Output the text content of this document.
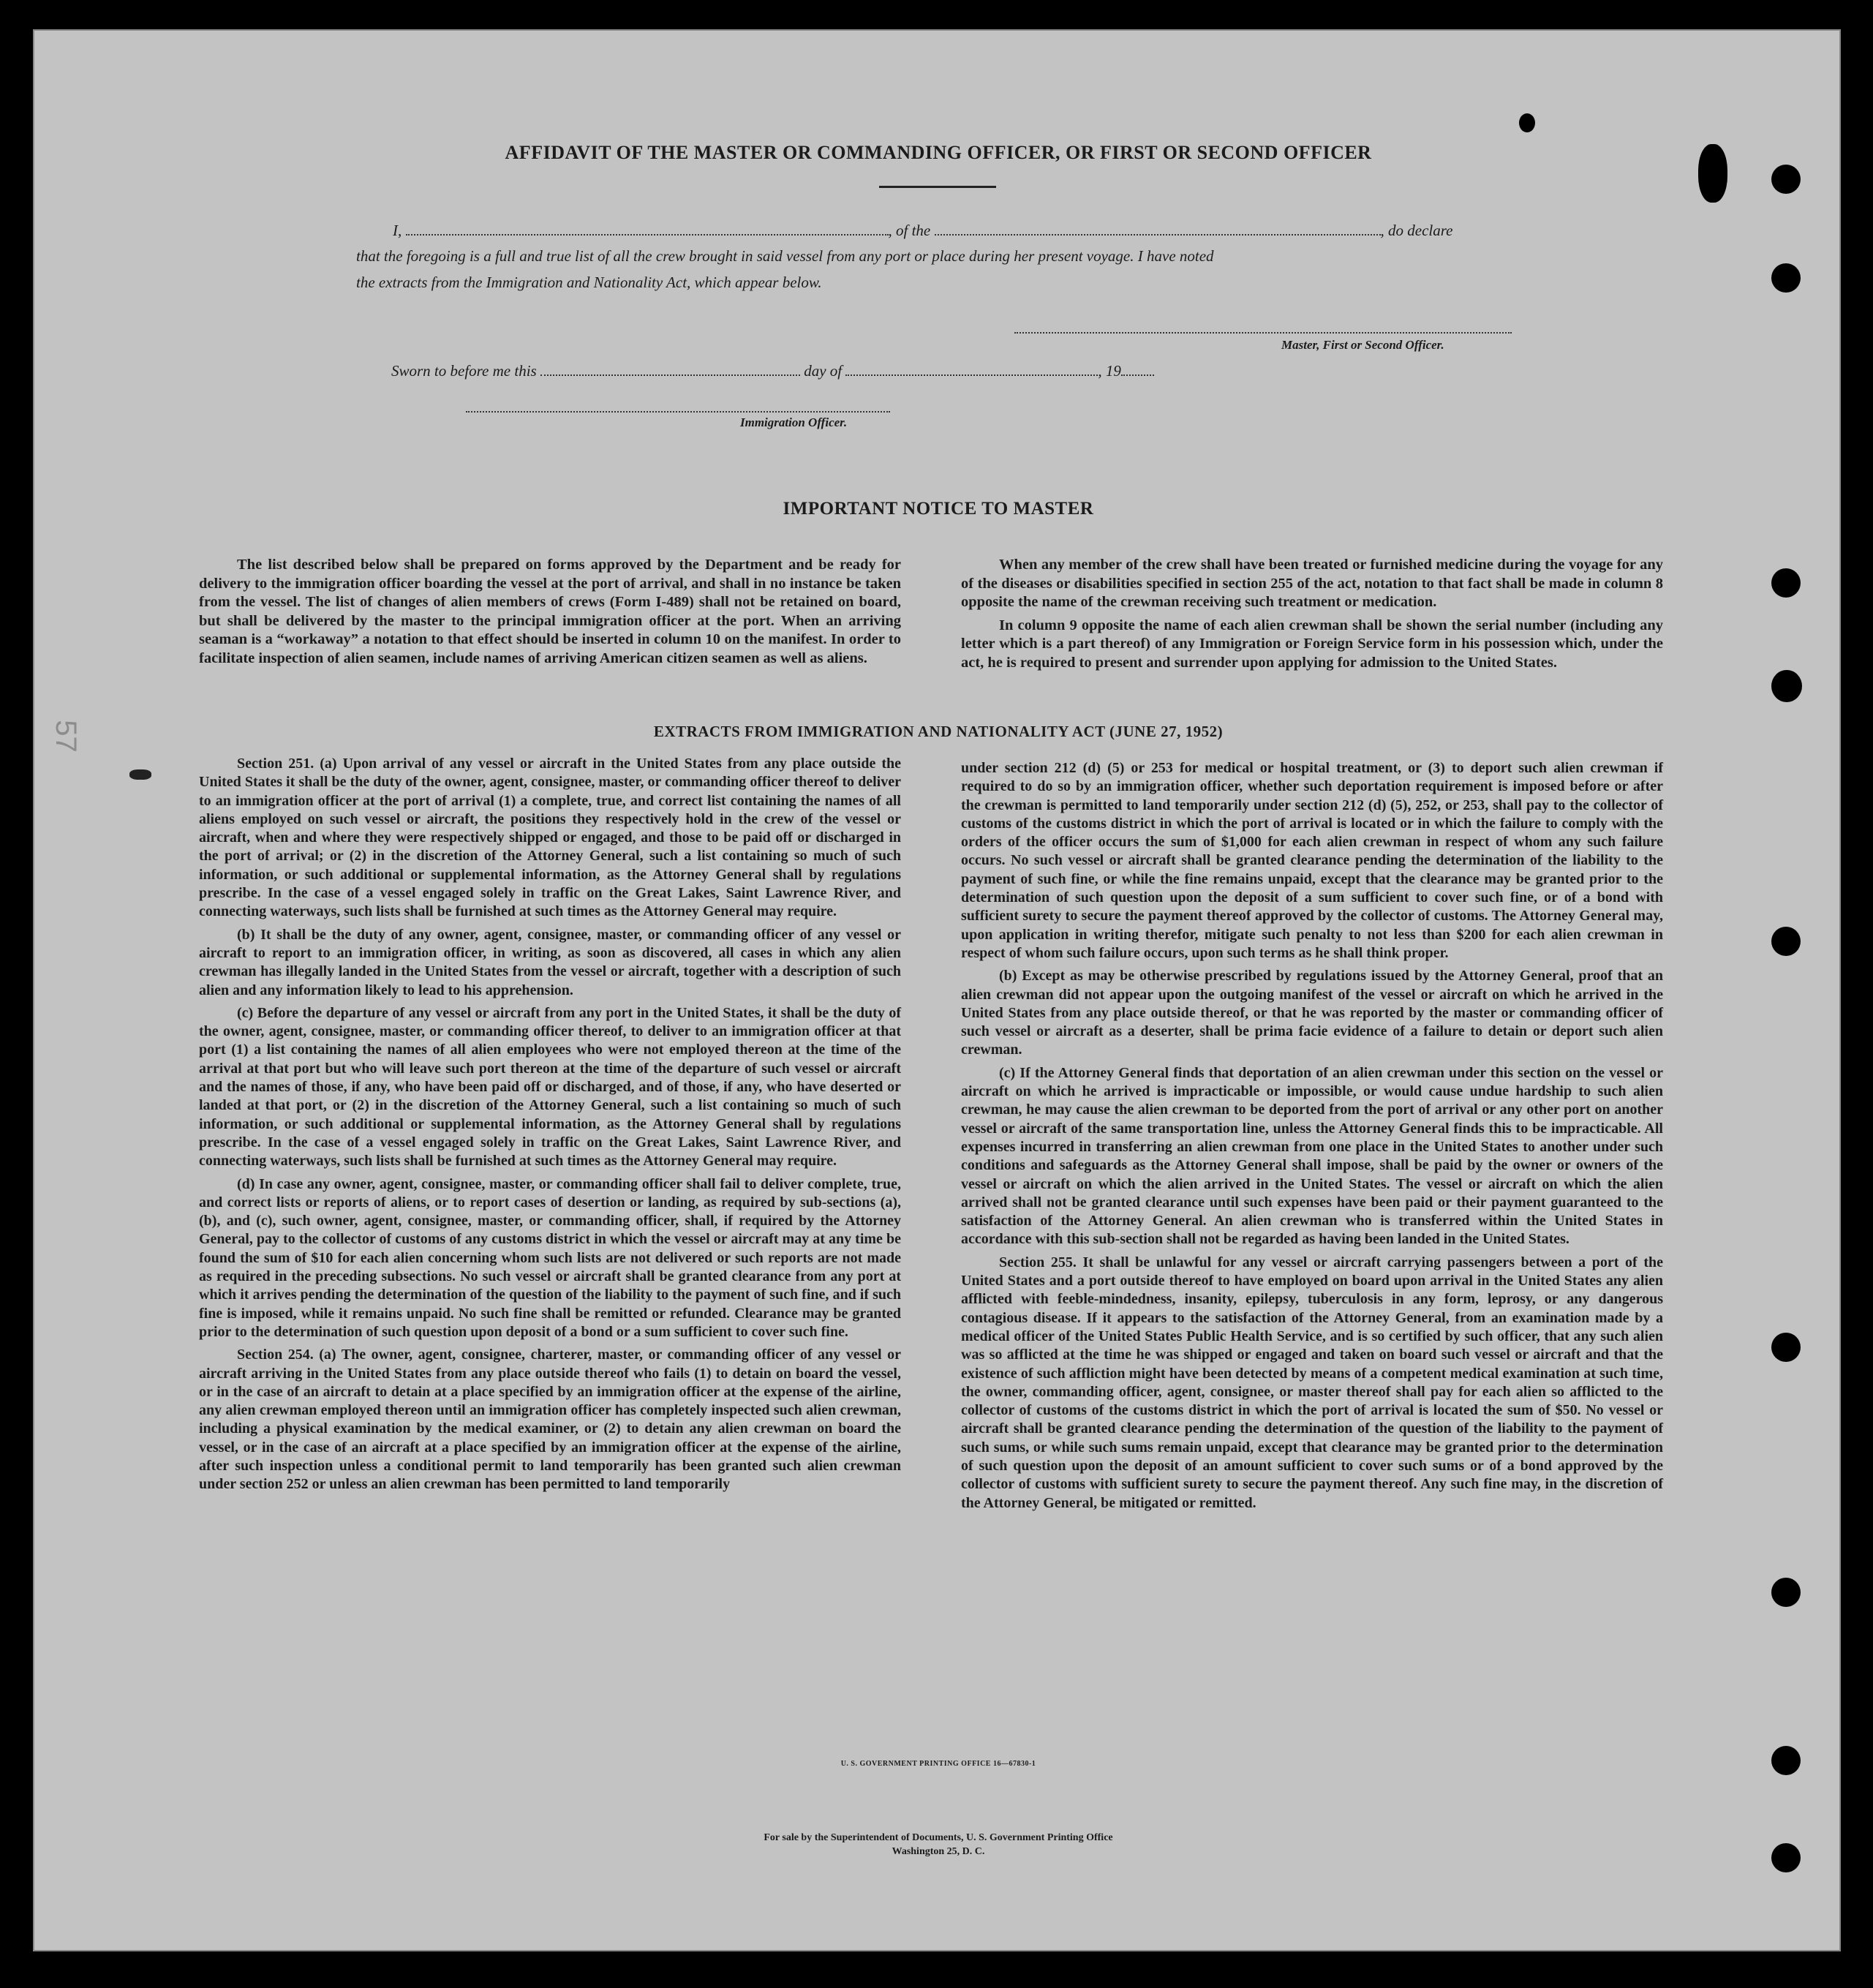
AFFIDAVIT OF THE MASTER OR COMMANDING OFFICER, OR FIRST OR SECOND OFFICER
I,	, of the	, do declare
that the foregoing is a full and true list of all the crew brought in said vessel from any port or place during her present voyage. I have noted
the extracts from the Immigration and Nationality Act, which appear below.
Master, First or Second Officer.
Sworn to before me this	day of	, 19
Immigration Officer.
IMPORTANT NOTICE TO MASTER

The list described below shall be prepared on forms approved by the Department and be ready for delivery to the immigration officer boarding the vessel at the port of arrival, and shall in no instance be taken from the vessel. The list of changes of alien members of crews (Form I-489) shall not be retained on board, but shall be delivered by the master to the principal immigration officer at the port. When an arriving seaman is a “workaway” a notation to that effect should be inserted in column 10 on the manifest. In order to facilitate inspection of alien seamen, include names of arriving American citizen seamen as well as aliens.

When any member of the crew shall have been treated or furnished medicine during the voyage for any of the diseases or disabilities specified in section 255 of the act, notation to that fact shall be made in column 8 opposite the name of the crewman receiving such treatment or medication.

In column 9 opposite the name of each alien crewman shall be shown the serial number (including any letter which is a part thereof) of any Immigration or Foreign Service form in his possession which, under the act, he is required to present and surrender upon applying for admission to the United States.

EXTRACTS FROM IMMIGRATION AND NATIONALITY ACT (JUNE 27, 1952)

Section 251. (a) Upon arrival of any vessel or aircraft in the United States from any place outside the United States it shall be the duty of the owner, agent, consignee, master, or commanding officer thereof to deliver to an immigration officer at the port of arrival (1) a complete, true, and correct list containing the names of all aliens employed on such vessel or aircraft, the positions they respectively hold in the crew of the vessel or aircraft, when and where they were respectively shipped or engaged, and those to be paid off or discharged in the port of arrival; or (2) in the discretion of the Attorney General, such a list containing so much of such information, or such additional or supplemental information, as the Attorney General shall by regulations prescribe. In the case of a vessel engaged solely in traffic on the Great Lakes, Saint Lawrence River, and connecting waterways, such lists shall be furnished at such times as the Attorney General may require.

(b) It shall be the duty of any owner, agent, consignee, master, or commanding officer of any vessel or aircraft to report to an immigration officer, in writing, as soon as discovered, all cases in which any alien crewman has illegally landed in the United States from the vessel or aircraft, together with a description of such alien and any information likely to lead to his apprehension.

(c) Before the departure of any vessel or aircraft from any port in the United States, it shall be the duty of the owner, agent, consignee, master, or commanding officer thereof, to deliver to an immigration officer at that port (1) a list containing the names of all alien employees who were not employed thereon at the time of the arrival at that port but who will leave such port thereon at the time of the departure of such vessel or aircraft and the names of those, if any, who have been paid off or discharged, and of those, if any, who have deserted or landed at that port, or (2) in the discretion of the Attorney General, such a list containing so much of such information, or such additional or supplemental information, as the Attorney General shall by regulations prescribe. In the case of a vessel engaged solely in traffic on the Great Lakes, Saint Lawrence River, and connecting waterways, such lists shall be furnished at such times as the Attorney General may require.

(d) In case any owner, agent, consignee, master, or commanding officer shall fail to deliver complete, true, and correct lists or reports of aliens, or to report cases of desertion or landing, as required by sub-sections (a), (b), and (c), such owner, agent, consignee, master, or commanding officer, shall, if required by the Attorney General, pay to the collector of customs of any customs district in which the vessel or aircraft may at any time be found the sum of $10 for each alien concerning whom such lists are not delivered or such reports are not made as required in the preceding subsections. No such vessel or aircraft shall be granted clearance from any port at which it arrives pending the determination of the question of the liability to the payment of such fine, and if such fine is imposed, while it remains unpaid. No such fine shall be remitted or refunded. Clearance may be granted prior to the determination of such question upon deposit of a bond or a sum sufficient to cover such fine.

Section 254. (a) The owner, agent, consignee, charterer, master, or commanding officer of any vessel or aircraft arriving in the United States from any place outside thereof who fails (1) to detain on board the vessel, or in the case of an aircraft to detain at a place specified by an immigration officer at the expense of the airline, any alien crewman employed thereon until an immigration officer has completely inspected such alien crewman, including a physical examination by the medical examiner, or (2) to detain any alien crewman on board the vessel, or in the case of an aircraft at a place specified by an immigration officer at the expense of the airline, after such inspection unless a conditional permit to land temporarily has been granted such alien crewman under section 252 or unless an alien crewman has been permitted to land temporarily

under section 212 (d) (5) or 253 for medical or hospital treatment, or (3) to deport such alien crewman if required to do so by an immigration officer, whether such deportation requirement is imposed before or after the crewman is permitted to land temporarily under section 212 (d) (5), 252, or 253, shall pay to the collector of customs of the customs district in which the port of arrival is located or in which the failure to comply with the orders of the officer occurs the sum of $1,000 for each alien crewman in respect of whom any such failure occurs. No such vessel or aircraft shall be granted clearance pending the determination of the liability to the payment of such fine, or while the fine remains unpaid, except that the clearance may be granted prior to the determination of such question upon the deposit of a sum sufficient to cover such fine, or of a bond with sufficient surety to secure the payment thereof approved by the collector of customs. The Attorney General may, upon application in writing therefor, mitigate such penalty to not less than $200 for each alien crewman in respect of whom such failure occurs, upon such terms as he shall think proper.

(b) Except as may be otherwise prescribed by regulations issued by the Attorney General, proof that an alien crewman did not appear upon the outgoing manifest of the vessel or aircraft on which he arrived in the United States from any place outside thereof, or that he was reported by the master or commanding officer of such vessel or aircraft as a deserter, shall be prima facie evidence of a failure to detain or deport such alien crewman.

(c) If the Attorney General finds that deportation of an alien crewman under this section on the vessel or aircraft on which he arrived is impracticable or impossible, or would cause undue hardship to such alien crewman, he may cause the alien crewman to be deported from the port of arrival or any other port on another vessel or aircraft of the same transportation line, unless the Attorney General finds this to be impracticable. All expenses incurred in transferring an alien crewman from one place in the United States to another under such conditions and safeguards as the Attorney General shall impose, shall be paid by the owner or owners of the vessel or aircraft on which the alien arrived in the United States. The vessel or aircraft on which the alien arrived shall not be granted clearance until such expenses have been paid or their payment guaranteed to the satisfaction of the Attorney General. An alien crewman who is transferred within the United States in accordance with this sub-section shall not be regarded as having been landed in the United States.

Section 255. It shall be unlawful for any vessel or aircraft carrying passengers between a port of the United States and a port outside thereof to have employed on board upon arrival in the United States any alien afflicted with feeble-mindedness, insanity, epilepsy, tuberculosis in any form, leprosy, or any dangerous contagious disease. If it appears to the satisfaction of the Attorney General, from an examination made by a medical officer of the United States Public Health Service, and is so certified by such officer, that any such alien was so afflicted at the time he was shipped or engaged and taken on board such vessel or aircraft and that the existence of such affliction might have been detected by means of a competent medical examination at such time, the owner, commanding officer, agent, consignee, or master thereof shall pay for each alien so afflicted to the collector of customs of the customs district in which the port of arrival is located the sum of $50. No vessel or aircraft shall be granted clearance pending the determination of the question of the liability to the payment of such sums, or while such sums remain unpaid, except that clearance may be granted prior to the determination of such question upon the deposit of an amount sufficient to cover such sums or of a bond approved by the collector of customs with sufficient surety to secure the payment thereof. Any such fine may, in the discretion of the Attorney General, be mitigated or remitted.

U. S. GOVERNMENT PRINTING OFFICE 16—67830-1
For sale by the Superintendent of Documents, U. S. Government Printing Office
Washington 25, D. C.
57
